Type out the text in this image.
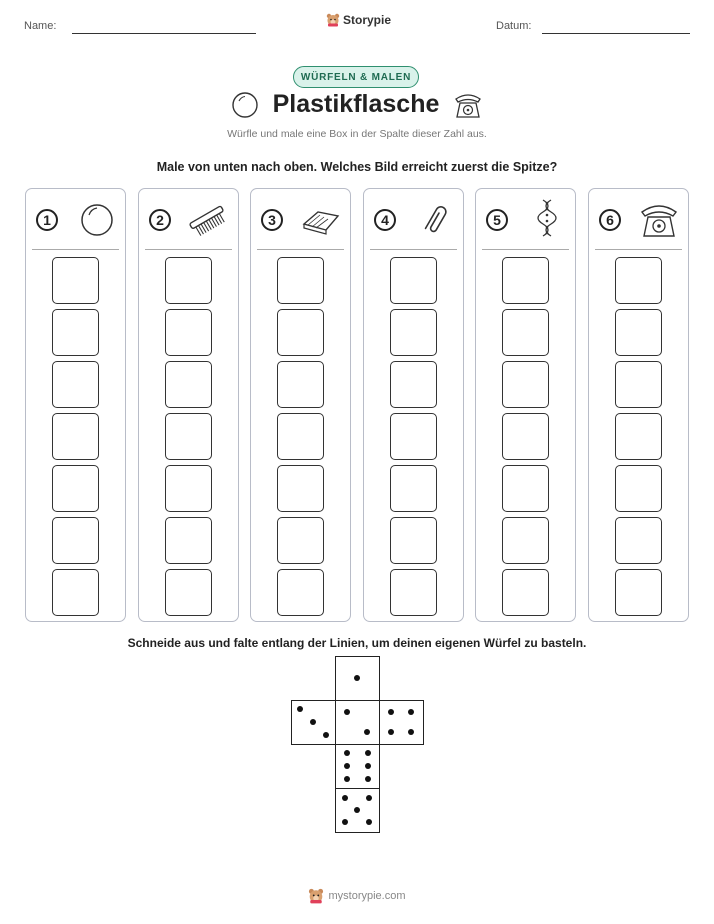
Name:	Storypie	Datum:
WÜRFELN & MALEN
Plastikflasche
Würfle und male eine Box in der Spalte dieser Zahl aus.
Male von unten nach oben. Welches Bild erreicht zuerst die Spitze?
1	2	3	4	5	6
Schneide aus und falte entlang der Linien, um deinen eigenen Würfel zu basteln.
mystorypie.com
